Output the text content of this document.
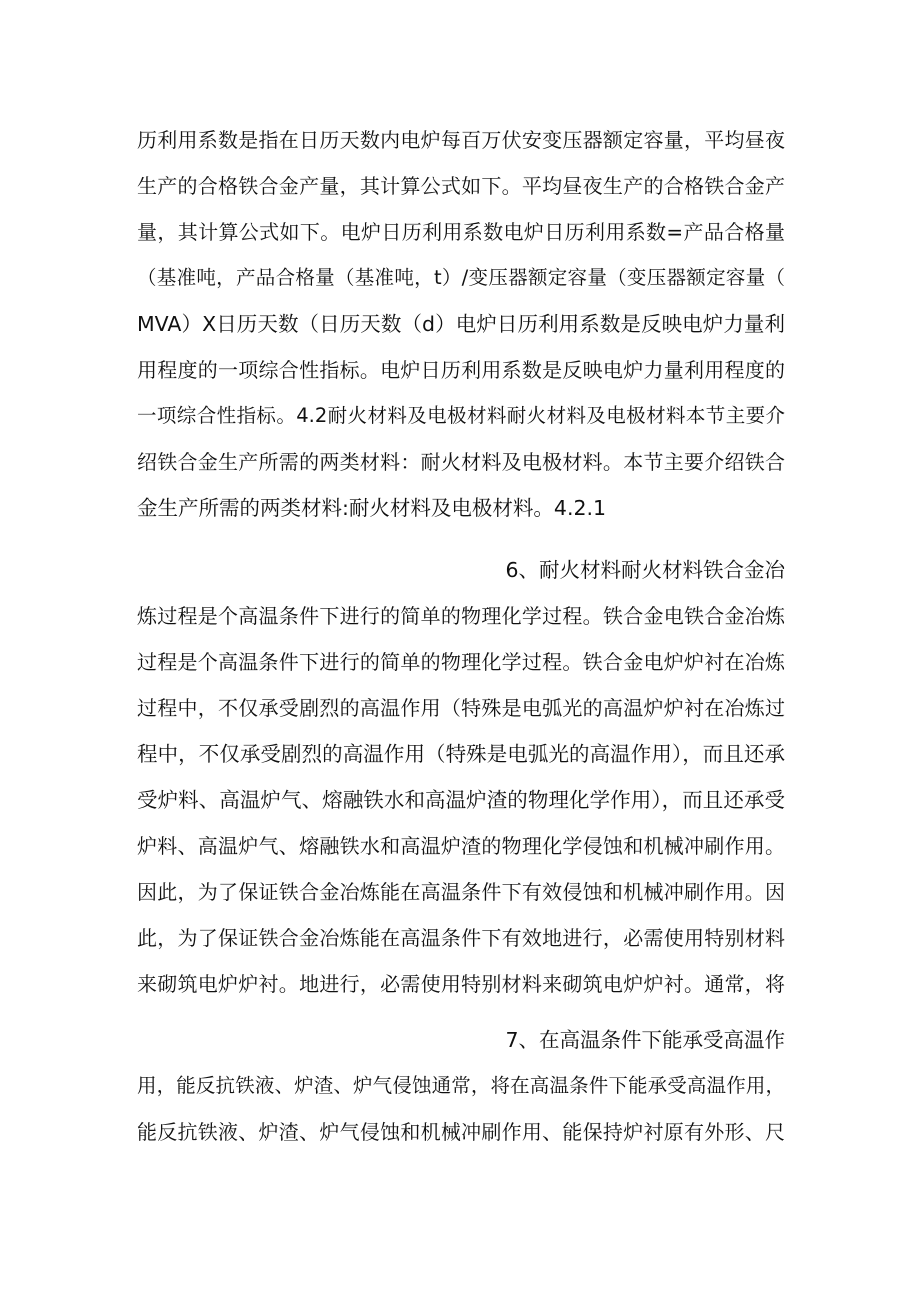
历利用系数是指在日历天数内电炉每百万伏安变压器额定容量，平均昼夜
生产的合格铁合金产量，其计算公式如下。平均昼夜生产的合格铁合金产
量，其计算公式如下。电炉日历利用系数电炉日历利用系数=产品合格量
（基准吨，产品合格量（基准吨，t）/变压器额定容量（变压器额定容量（
MVA）X日历天数（日历天数（d）电炉日历利用系数是反映电炉力量利
用程度的一项综合性指标。电炉日历利用系数是反映电炉力量利用程度的
一项综合性指标。4.2耐火材料及电极材料耐火材料及电极材料本节主要介
绍铁合金生产所需的两类材料：耐火材料及电极材料。本节主要介绍铁合
金生产所需的两类材料:耐火材料及电极材料。4.2.1
6、耐火材料耐火材料铁合金冶
炼过程是个高温条件下进行的简单的物理化学过程。铁合金电铁合金冶炼
过程是个高温条件下进行的简单的物理化学过程。铁合金电炉炉衬在冶炼
过程中，不仅承受剧烈的高温作用（特殊是电弧光的高温炉炉衬在冶炼过
程中，不仅承受剧烈的高温作用（特殊是电弧光的高温作用），而且还承
受炉料、高温炉气、熔融铁水和高温炉渣的物理化学作用），而且还承受
炉料、高温炉气、熔融铁水和高温炉渣的物理化学侵蚀和机械冲刷作用。
因此，为了保证铁合金冶炼能在高温条件下有效侵蚀和机械冲刷作用。因
此，为了保证铁合金冶炼能在高温条件下有效地进行，必需使用特别材料
来砌筑电炉炉衬。地进行，必需使用特别材料来砌筑电炉炉衬。通常，将
7、在高温条件下能承受高温作
用，能反抗铁液、炉渣、炉气侵蚀通常，将在高温条件下能承受高温作用，
能反抗铁液、炉渣、炉气侵蚀和机械冲刷作用、能保持炉衬原有外形、尺
